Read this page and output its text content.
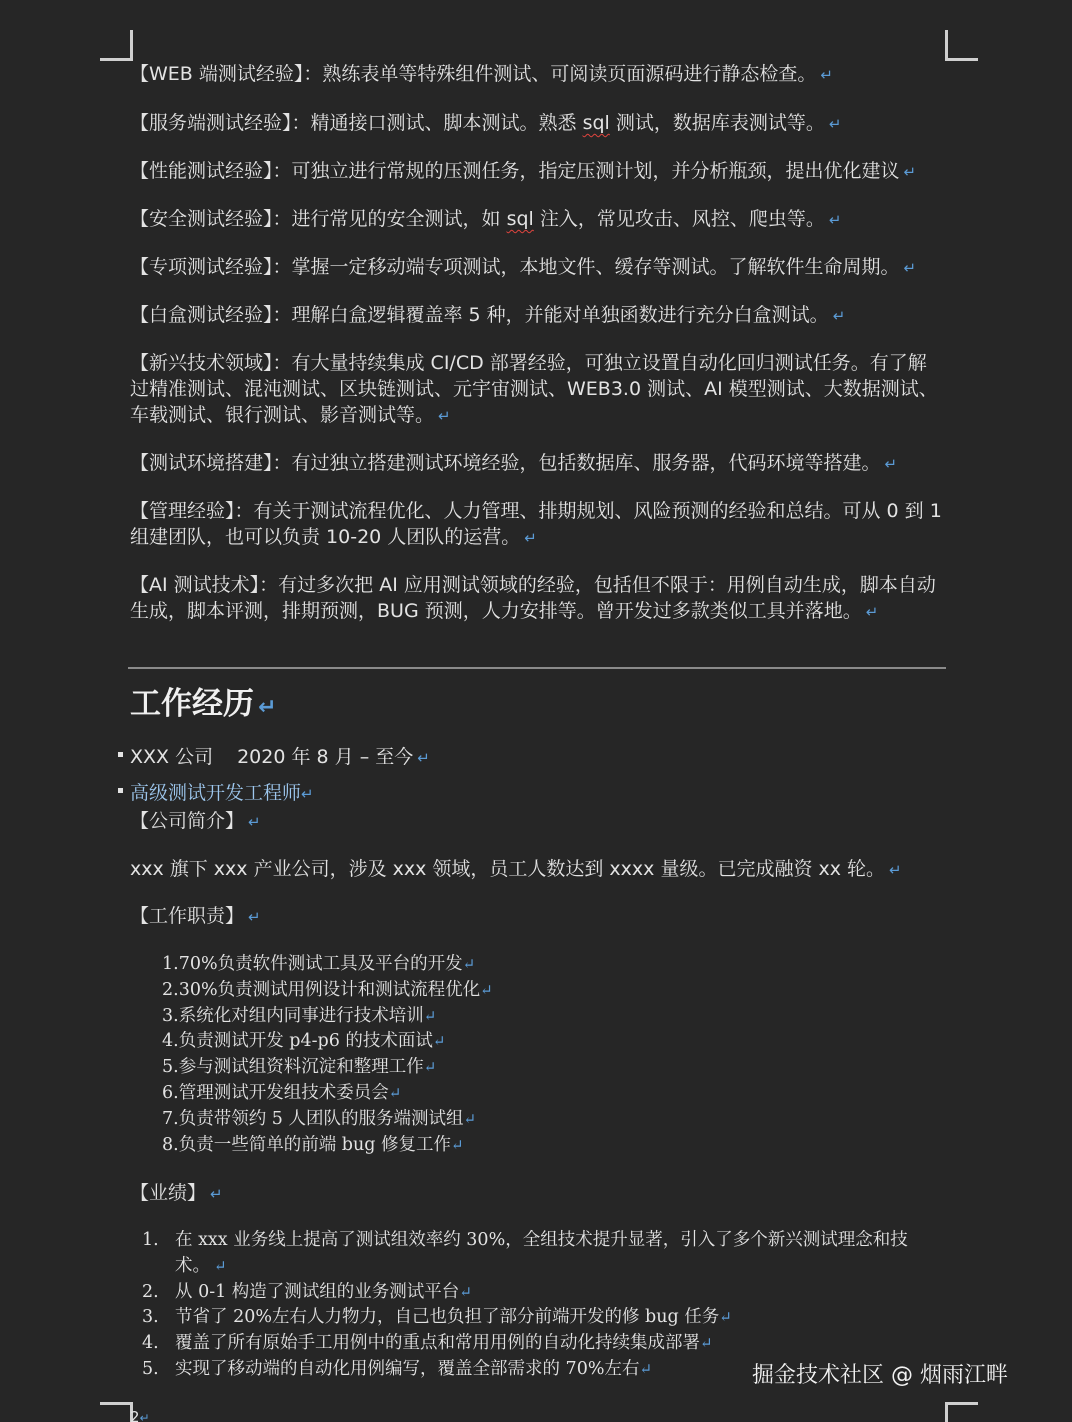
【WEB 端测试经验】：熟练表单等特殊组件测试、可阅读页面源码进行静态检查。 ↵
【服务端测试经验】：精通接口测试、脚本测试。熟悉 sql 测试，数据库表测试等。 ↵
【性能测试经验】：可独立进行常规的压测任务，指定压测计划，并分析瓶颈，提出优化建议 ↵
【安全测试经验】：进行常见的安全测试，如 sql 注入，常见攻击、风控、爬虫等。 ↵
【专项测试经验】：掌握一定移动端专项测试，本地文件、缓存等测试。了解软件生命周期。 ↵
【白盒测试经验】：理解白盒逻辑覆盖率 5 种，并能对单独函数进行充分白盒测试。 ↵
【新兴技术领域】：有大量持续集成 CI/CD 部署经验，可独立设置自动化回归测试任务。有了解过精准测试、混沌测试、区块链测试、元宇宙测试、WEB3.0 测试、AI 模型测试、大数据测试、车载测试、银行测试、影音测试等。 ↵
【测试环境搭建】：有过独立搭建测试环境经验，包括数据库、服务器，代码环境等搭建。 ↵
【管理经验】：有关于测试流程优化、人力管理、排期规划、风险预测的经验和总结。可从 0 到 1 组建团队，也可以负责 10-20 人团队的运营。 ↵
【AI 测试技术】：有过多次把 AI 应用测试领域的经验，包括但不限于：用例自动生成，脚本自动生成，脚本评测，排期预测，BUG 预测，人力安排等。曾开发过多款类似工具并落地。 ↵
工作经历 ↵
XXX 公司 2020 年 8 月 – 至今 ↵
高级测试开发工程师↵
【公司简介】 ↵
xxx 旗下 xxx 产业公司，涉及 xxx 领域，员工人数达到 xxxx 量级。已完成融资 xx 轮。 ↵
【工作职责】 ↵
1.70%负责软件测试工具及平台的开发↵
2.30%负责测试用例设计和测试流程优化↵
3.系统化对组内同事进行技术培训↵
4.负责测试开发 p4-p6 的技术面试↵
5.参与测试组资料沉淀和整理工作↵
6.管理测试开发组技术委员会↵
7.负责带领约 5 人团队的服务端测试组↵
8.负责一些简单的前端 bug 修复工作↵
【业绩】 ↵
1. 在 xxx 业务线上提高了测试组效率约 30%，全组技术提升显著，引入了多个新兴测试理念和技术。 ↵
2. 从 0-1 构造了测试组的业务测试平台↵
3. 节省了 20%左右人力物力，自己也负担了部分前端开发的修 bug 任务↵
4. 覆盖了所有原始手工用例中的重点和常用用例的自动化持续集成部署↵
5. 实现了移动端的自动化用例编写，覆盖全部需求的 70%左右↵	掘金技术社区 @ 烟雨江畔
2↵
